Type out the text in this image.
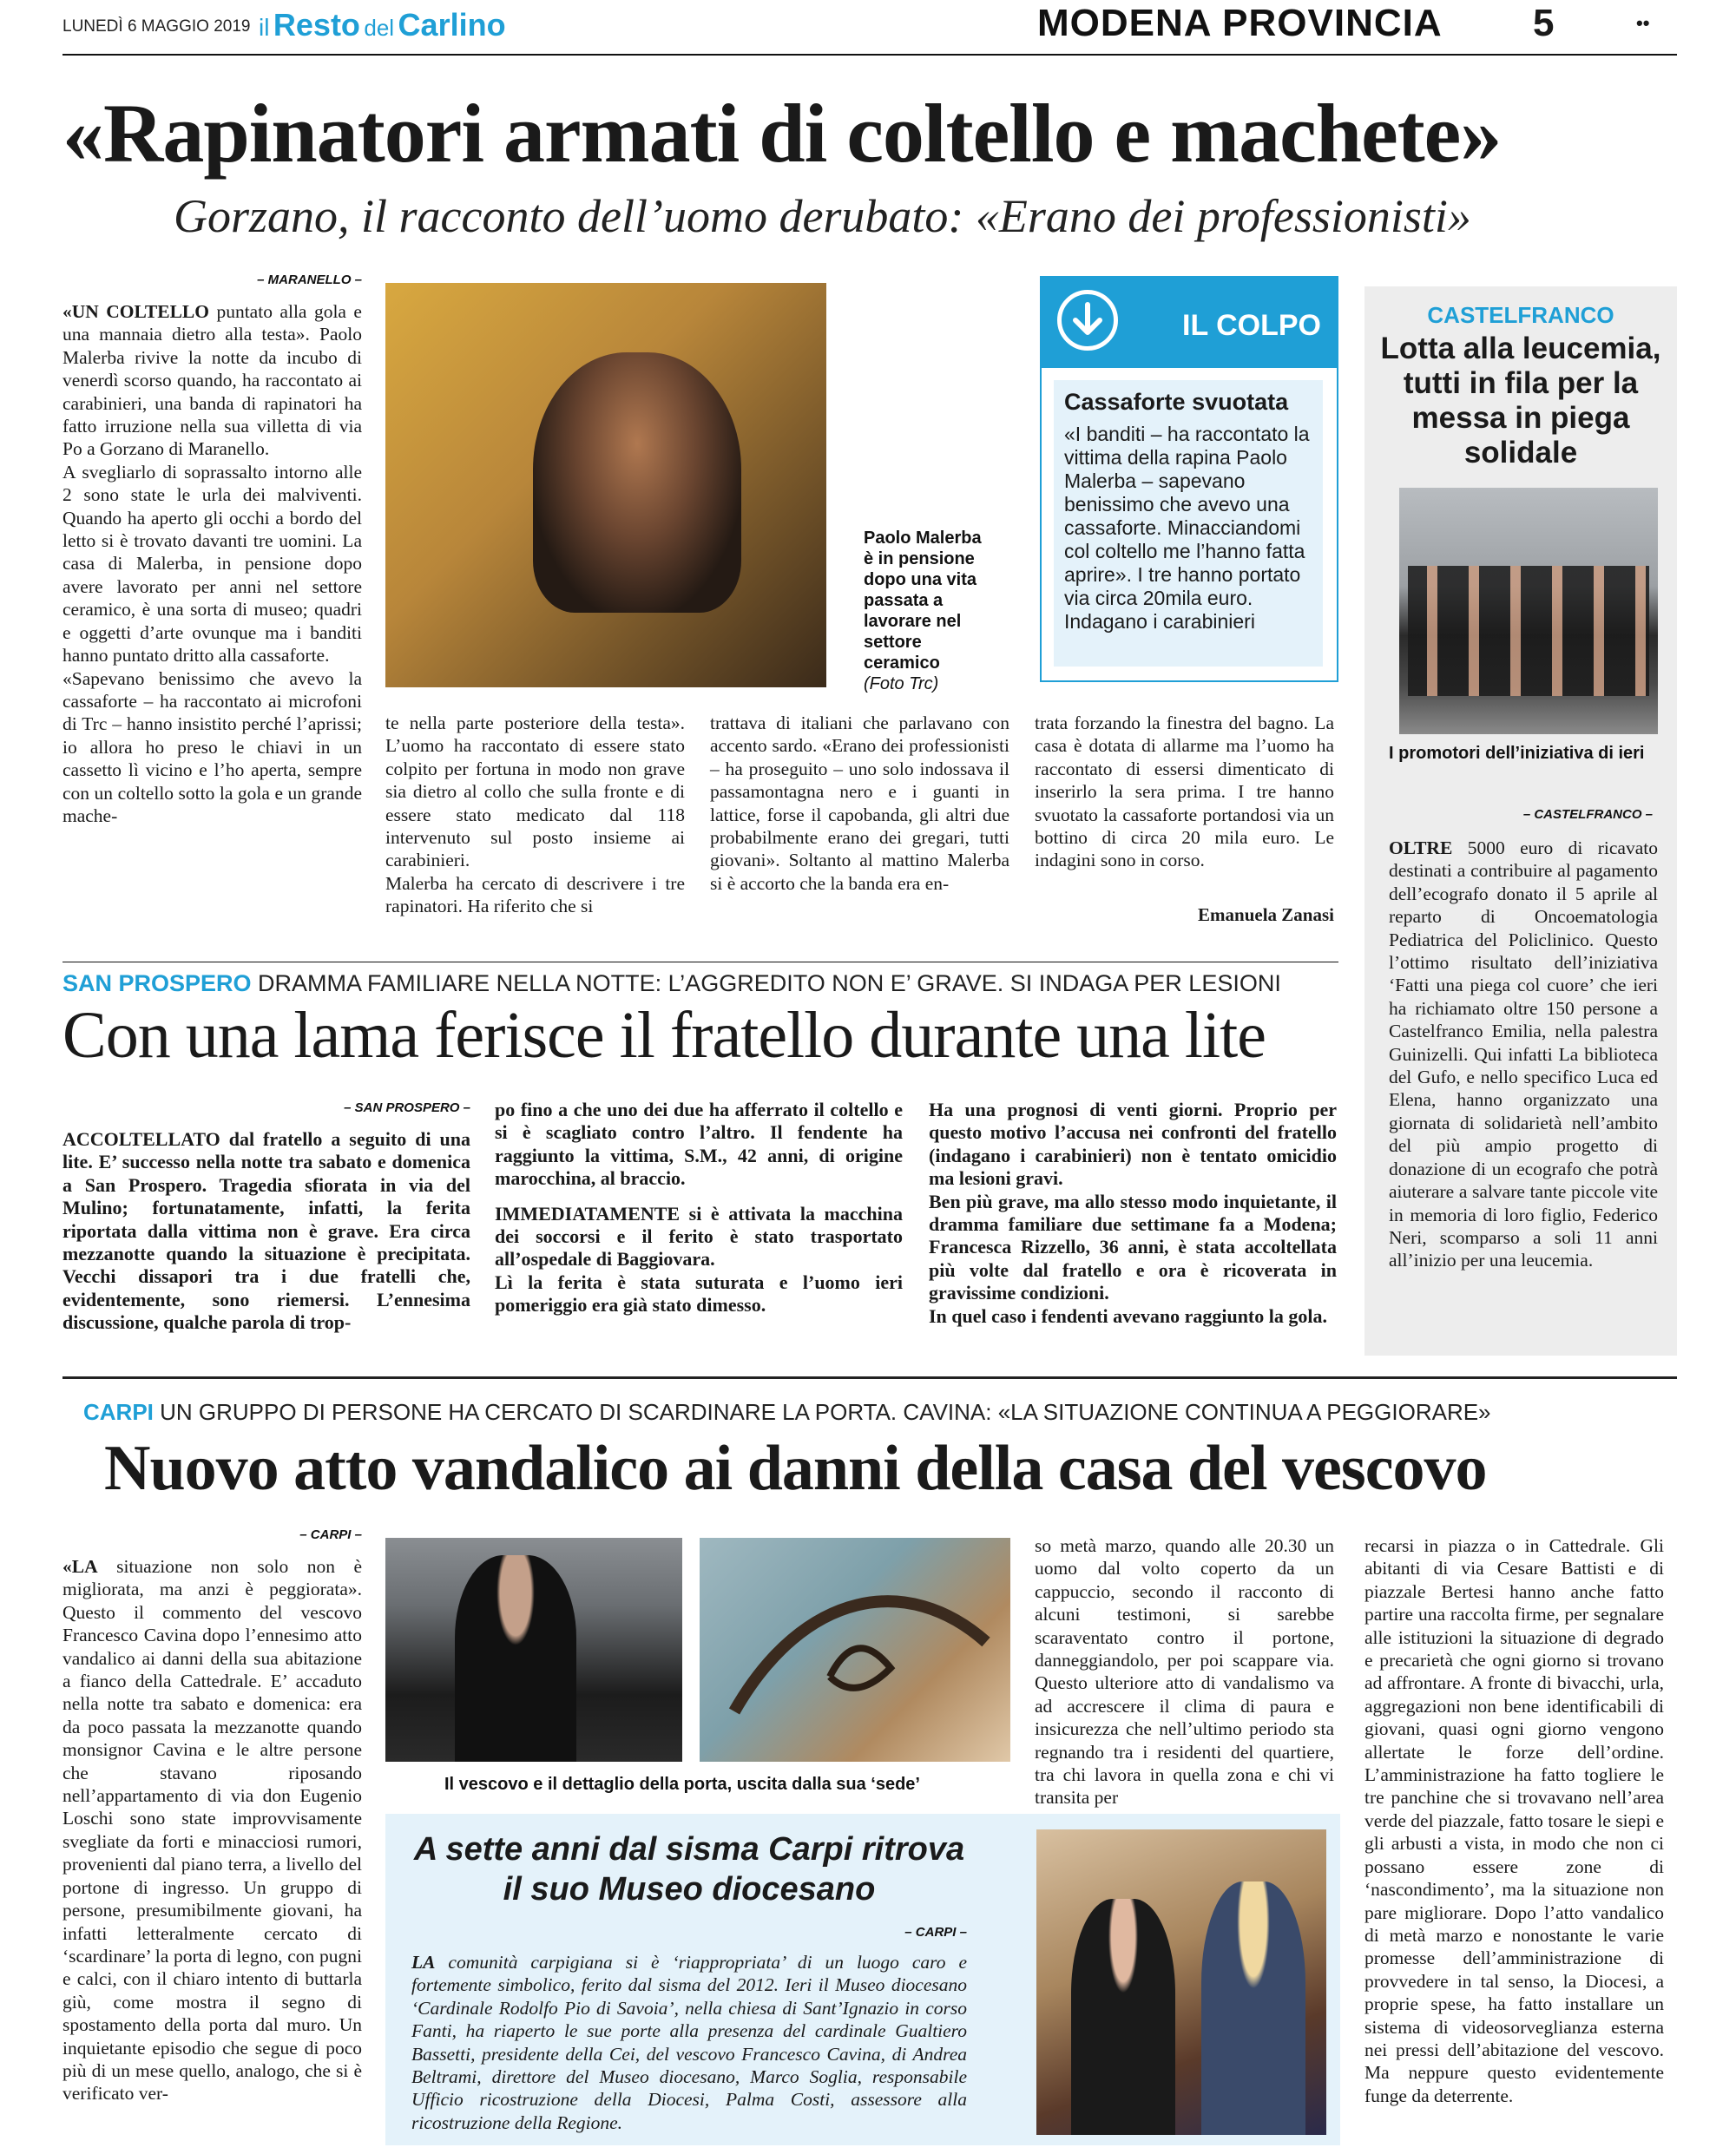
LUNEDÌ 6 MAGGIO 2019 il Resto del Carlino	MODENA PROVINCIA 5	••
«Rapinatori armati di coltello e machete»
Gorzano, il racconto dell’uomo derubato: «Erano dei professionisti»
– MARANELLO –

«UN COLTELLO puntato alla gola e una mannaia dietro alla testa». Paolo Malerba rivive la notte da incubo di venerdì scorso quando, ha raccontato ai carabinieri, una banda di rapinatori ha fatto irruzione nella sua villetta di via Po a Gorzano di Maranello.

A svegliarlo di soprassalto intorno alle 2 sono state le urla dei malviventi. Quando ha aperto gli occhi a bordo del letto si è trovato davanti tre uomini. La casa di Malerba, in pensione dopo avere lavorato per anni nel settore ceramico, è una sorta di museo; quadri e oggetti d’arte ovunque ma i banditi hanno puntato dritto alla cassaforte.

«Sapevano benissimo che avevo la cassaforte – ha raccontato ai microfoni di Trc – hanno insistito perché l’aprissi; io allora ho preso le chiavi in un cassetto lì vicino e l’ho aperta, sempre con un coltello sotto la gola e un grande mache-

Paolo Malerba è in pensione dopo una vita passata a lavorare nel settore ceramico (Foto Trc)

te nella parte posteriore della testa». L’uomo ha raccontato di essere stato colpito per fortuna in modo non grave sia dietro al collo che sulla fronte e di essere stato medicato dal 118 intervenuto sul posto insieme ai carabinieri.

Malerba ha cercato di descrivere i tre rapinatori. Ha riferito che si

trattava di italiani che parlavano con accento sardo. «Erano dei professionisti – ha proseguito – uno solo indossava il passamontagna nero e i guanti in lattice, forse il capobanda, gli altri due probabilmente erano dei gregari, tutti giovani». Soltanto al mattino Malerba si è accorto che la banda era en-

trata forzando la finestra del bagno. La casa è dotata di allarme ma l’uomo ha raccontato di essersi dimenticato di inserirlo la sera prima. I tre hanno svuotato la cassaforte portandosi via un bottino di circa 20 mila euro. Le indagini sono in corso.

Emanuela Zanasi
IL COLPO
Cassaforte svuotata
«I banditi – ha raccontato la vittima della rapina Paolo Malerba – sapevano benissimo che avevo una cassaforte. Minacciandomi col coltello me l’hanno fatta aprire». I tre hanno portato via circa 20mila euro. Indagano i carabinieri
CASTELFRANCO
Lotta alla leucemia, tutti in fila per la messa in piega solidale
I promotori dell’iniziativa di ieri
– CASTELFRANCO –

OLTRE 5000 euro di ricavato destinati a contribuire al pagamento dell’ecografo donato il 5 aprile al reparto di Oncoematologia Pediatrica del Policlinico. Questo l’ottimo risultato dell’iniziativa ‘Fatti una piega col cuore’ che ieri ha richiamato oltre 150 persone a Castelfranco Emilia, nella palestra Guinizelli. Qui infatti La biblioteca del Gufo, e nello specifico Luca ed Elena, hanno organizzato una giornata di solidarietà nell’ambito del più ampio progetto di donazione di un ecografo che potrà aiuterare a salvare tante piccole vite in memoria di loro figlio, Federico Neri, scomparso a soli 11 anni all’inizio per una leucemia.

SAN PROSPERO DRAMMA FAMILIARE NELLA NOTTE: L’AGGREDITO NON E’ GRAVE. SI INDAGA PER LESIONI
Con una lama ferisce il fratello durante una lite
– SAN PROSPERO –

ACCOLTELLATO dal fratello a seguito di una lite. E’ successo nella notte tra sabato e domenica a San Prospero. Tragedia sfiorata in via del Mulino; fortunatamente, infatti, la ferita riportata dalla vittima non è grave. Era circa mezzanotte quando la situazione è precipitata. Vecchi dissapori tra i due fratelli che, evidentemente, sono riemersi. L’ennesima discussione, qualche parola di trop-

po fino a che uno dei due ha afferrato il coltello e si è scagliato contro l’altro. Il fendente ha raggiunto la vittima, S.M., 42 anni, di origine marocchina, al braccio.

IMMEDIATAMENTE si è attivata la macchina dei soccorsi e il ferito è stato trasportato all’ospedale di Baggiovara.

Lì la ferita è stata suturata e l’uomo ieri pomeriggio era già stato dimesso.

Ha una prognosi di venti giorni. Proprio per questo motivo l’accusa nei confronti del fratello (indagano i carabinieri) non è tentato omicidio ma lesioni gravi.

Ben più grave, ma allo stesso modo inquietante, il dramma familiare due settimane fa a Modena; Francesca Rizzello, 36 anni, è stata accoltellata più volte dal fratello e ora è ricoverata in gravissime condizioni.

In quel caso i fendenti avevano raggiunto la gola.

CARPI UN GRUPPO DI PERSONE HA CERCATO DI SCARDINARE LA PORTA. CAVINA: «LA SITUAZIONE CONTINUA A PEGGIORARE»
Nuovo atto vandalico ai danni della casa del vescovo
– CARPI –

«LA situazione non solo non è migliorata, ma anzi è peggiorata». Questo il commento del vescovo Francesco Cavina dopo l’ennesimo atto vandalico ai danni della sua abitazione a fianco della Cattedrale. E’ accaduto nella notte tra sabato e domenica: era da poco passata la mezzanotte quando monsignor Cavina e le altre persone che stavano riposando nell’appartamento di via don Eugenio Loschi sono state improvvisamente svegliate da forti e minacciosi rumori, provenienti dal piano terra, a livello del portone di ingresso. Un gruppo di persone, presumibilmente giovani, ha infatti letteralmente cercato di ‘scardinare’ la porta di legno, con pugni e calci, con il chiaro intento di buttarla giù, come mostra il segno di spostamento della porta dal muro. Un inquietante episodio che segue di poco più di un mese quello, analogo, che si è verificato ver-

Il vescovo e il dettaglio della porta, uscita dalla sua ‘sede’

so metà marzo, quando alle 20.30 un uomo dal volto coperto da un cappuccio, secondo il racconto di alcuni testimoni, si sarebbe scaraventato contro il portone, danneggiandolo, per poi scappare via. Questo ulteriore atto di vandalismo va ad accrescere il clima di paura e insicurezza che nell’ultimo periodo sta regnando tra i residenti del quartiere, tra chi lavora in quella zona e chi vi transita per

recarsi in piazza o in Cattedrale. Gli abitanti di via Cesare Battisti e di piazzale Bertesi hanno anche fatto partire una raccolta firme, per segnalare alle istituzioni la situazione di degrado e precarietà che ogni giorno si trovano ad affrontare. A fronte di bivacchi, urla, aggregazioni non bene identificabili di giovani, quasi ogni giorno vengono allertate le forze dell’ordine. L’amministrazione ha fatto togliere le tre panchine che si trovavano nell’area verde del piazzale, fatto tosare le siepi e gli arbusti a vista, in modo che non ci possano essere zone di ‘nascondimento’, ma la situazione non pare migliorare. Dopo l’atto vandalico di metà marzo e nonostante le varie promesse dell’amministrazione di provvedere in tal senso, la Diocesi, a proprie spese, ha fatto installare un sistema di videosorveglianza esterna nei pressi dell’abitazione del vescovo. Ma neppure questo evidentemente funge da deterrente.

A sette anni dal sisma Carpi ritrova il suo Museo diocesano
– CARPI –

LA comunità carpigiana si è ‘riappropriata’ di un luogo caro e fortemente simbolico, ferito dal sisma del 2012. Ieri il Museo diocesano ‘Cardinale Rodolfo Pio di Savoia’, nella chiesa di Sant’Ignazio in corso Fanti, ha riaperto le sue porte alla presenza del cardinale Gualtiero Bassetti, presidente della Cei, del vescovo Francesco Cavina, di Andrea Beltrami, direttore del Museo diocesano, Marco Soglia, responsabile Ufficio ricostruzione della Diocesi, Palma Costi, assessore alla ricostruzione della Regione.
